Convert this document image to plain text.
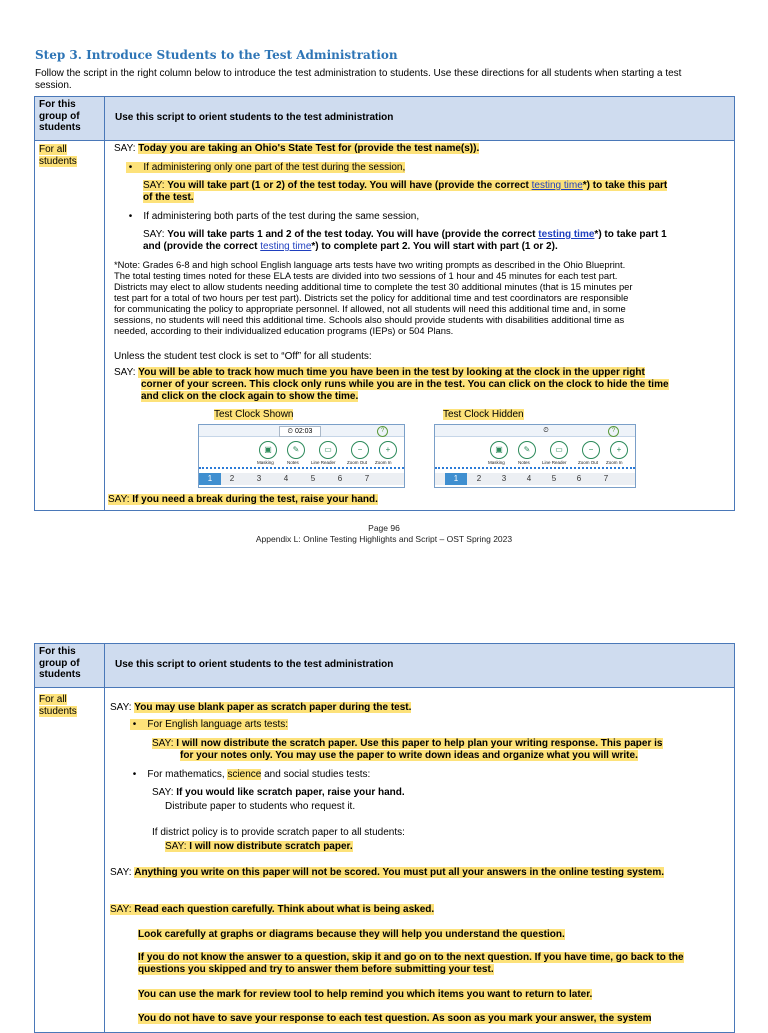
Step 3. Introduce Students to the Test Administration
Follow the script in the right column below to introduce the test administration to students. Use these directions for all students when starting a test
session.
For this
group of
students	Use this script to orient students to the test administration

For all
students	

SAY: Today you are taking an Ohio's State Test for (provide the test name(s)).
•    If administering only one part of the test during the session,
SAY: You will take part (1 or 2) of the test today. You will have (provide the correct testing time*) to take this part
of the test.
•    If administering both parts of the test during the same session,
SAY: You will take parts 1 and 2 of the test today. You will have (provide the correct testing time*) to take part 1
and (provide the correct testing time*) to complete part 2. You will start with part (1 or 2).
*Note: Grades 6-8 and high school English language arts tests have two writing prompts as described in the Ohio Blueprint.
The total testing times noted for these ELA tests are divided into two sessions of 1 hour and 45 minutes for each test part.
Districts may elect to allow students needing additional time to complete the test 30 additional minutes (that is 15 minutes per
test part for a total of two hours per test part). Districts set the policy for additional time and test coordinators are responsible
for communicating the policy to appropriate personnel. If allowed, not all students will need this additional time and, in some
sessions, no students will need this additional time. Schools also should provide students with disabilities additional time as
needed, according to their individualized education programs (IEPs) or 504 Plans.
Unless the student test clock is set to “Off” for all students:
SAY: You will be able to track how much time you have been in the test by looking at the clock in the upper right
corner of your screen. This clock only runs while you are in the test. You can click on the clock to hide the time
and click on the clock again to show the time.
Test Clock Shown	Test Clock Hidden
⏲ 02:03	?
▣	✎	▭	−	+
Masking	Notes	Line Reader	Zoom Out Zoom In
1	2	3	4	5	6	7
⏲	?
▣	✎	▭	−	+
Masking	Notes	Line Reader	Zoom Out Zoom In
1	2	3	4	5	6	7
SAY: If you need a break during the test, raise your hand.
Page 96
Appendix L: Online Testing Highlights and Script – OST Spring 2023
For this
group of
students	Use this script to orient students to the test administration

For all
students	
		SAY: You may use blank paper as scratch paper during the test.
•    For English language arts tests:
SAY: I will now distribute the scratch paper. Use this paper to help plan your writing response. This paper is
for your notes only. You may use the paper to write down ideas and organize what you will write.
•    For mathematics, science and social studies tests:
SAY: If you would like scratch paper, raise your hand.
Distribute paper to students who request it.
If district policy is to provide scratch paper to all students:
SAY: I will now distribute scratch paper.
SAY: Anything you write on this paper will not be scored. You must put all your answers in the online testing system.
SAY: Read each question carefully. Think about what is being asked.
Look carefully at graphs or diagrams because they will help you understand the question.
If you do not know the answer to a question, skip it and go on to the next question. If you have time, go back to the
questions you skipped and try to answer them before submitting your test.
You can use the mark for review tool to help remind you which items you want to return to later.
You do not have to save your response to each test question. As soon as you mark your answer, the system
